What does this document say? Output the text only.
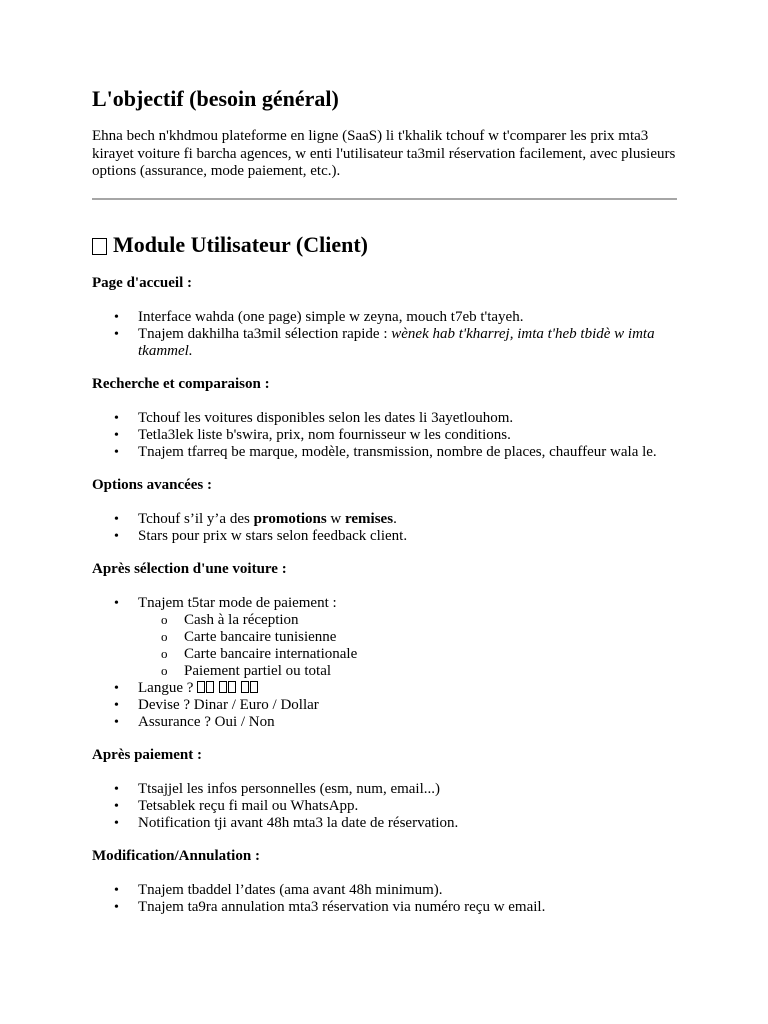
L'objectif (besoin général)

Ehna bech n'khdmou plateforme en ligne (SaaS) li t'khalik tchouf w t'comparer les prix mta3 kirayet voiture fi barcha agences, w enti l'utilisateur ta3mil réservation facilement, avec plusieurs options (assurance, mode paiement, etc.).

Module Utilisateur (Client)

Page d'accueil :

• Interface wahda (one page) simple w zeyna, mouch t7eb t'tayeh.
• Tnajem dakhilha ta3mil sélection rapide : wènek hab t'kharrej, imta t'heb tbidè w imta tkammel.

Recherche et comparaison :

• Tchouf les voitures disponibles selon les dates li 3ayetlouhom.
• Tetla3lek liste b'swira, prix, nom fournisseur w les conditions.
• Tnajem tfarreq be marque, modèle, transmission, nombre de places, chauffeur wala le.

Options avancées :

• Tchouf s’il y’a des promotions w remises.
• Stars pour prix w stars selon feedback client.

Après sélection d'une voiture :

• Tnajem t5tar mode de paiement :
o Cash à la réception
o Carte bancaire tunisienne
o Carte bancaire internationale
o Paiement partiel ou total
• Langue ?
• Devise ? Dinar / Euro / Dollar
• Assurance ? Oui / Non

Après paiement :

• Ttsajjel les infos personnelles (esm, num, email...)
• Tetsablek reçu fi mail ou WhatsApp.
• Notification tji avant 48h mta3 la date de réservation.

Modification/Annulation :

• Tnajem tbaddel l’dates (ama avant 48h minimum).
• Tnajem ta9ra annulation mta3 réservation via numéro reçu w email.
